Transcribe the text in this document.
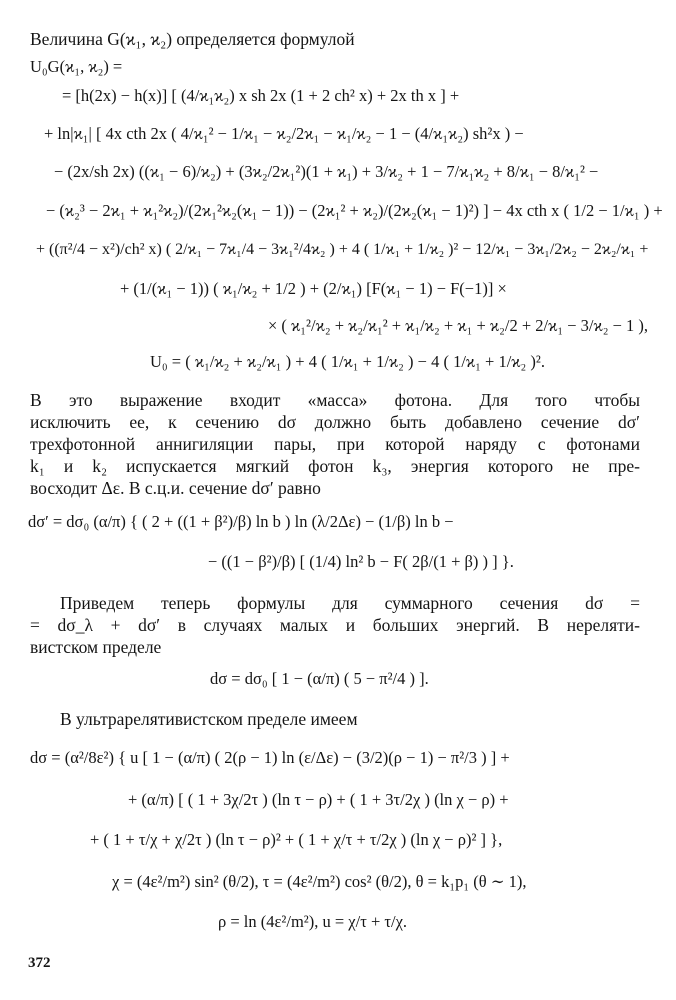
Величина G(ϰ₁, ϰ₂) определяется формулой
U₀G(ϰ₁, ϰ₂) =
= [h(2x) − h(x)] [ (4/ϰ₁ϰ₂) x sh 2x (1 + 2 ch² x) + 2x th x ] +
+ ln|ϰ₁| [ 4x cth 2x ( 4/ϰ₁² − 1/ϰ₁ − ϰ₂/2ϰ₁ − ϰ₁/ϰ₂ − 1 − (4/ϰ₁ϰ₂) sh²x ) −
− (2x/sh 2x) ((ϰ₁ − 6)/ϰ₂) + (3ϰ₂/2ϰ₁²)(1 + ϰ₁) + 3/ϰ₂ + 1 − 7/ϰ₁ϰ₂ + 8/ϰ₁ − 8/ϰ₁² −
− (ϰ₂³ − 2ϰ₁ + ϰ₁²ϰ₂)/(2ϰ₁²ϰ₂(ϰ₁ − 1)) − (2ϰ₁² + ϰ₂)/(2ϰ₂(ϰ₁ − 1)²) ] − 4x cth x ( 1/2 − 1/ϰ₁ ) +
+ ((π²/4 − x²)/ch² x) ( 2/ϰ₁ − 7ϰ₁/4 − 3ϰ₁²/4ϰ₂ ) + 4 ( 1/ϰ₁ + 1/ϰ₂ )² − 12/ϰ₁ − 3ϰ₁/2ϰ₂ − 2ϰ₂/ϰ₁ +
+ (1/(ϰ₁ − 1)) ( ϰ₁/ϰ₂ + 1/2 ) + (2/ϰ₁) [F(ϰ₁ − 1) − F(−1)] ×
× ( ϰ₁²/ϰ₂ + ϰ₂/ϰ₁² + ϰ₁/ϰ₂ + ϰ₁ + ϰ₂/2 + 2/ϰ₁ − 3/ϰ₂ − 1 ),
U₀ = ( ϰ₁/ϰ₂ + ϰ₂/ϰ₁ ) + 4 ( 1/ϰ₁ + 1/ϰ₂ ) − 4 ( 1/ϰ₁ + 1/ϰ₂ )².
В это выражение входит «масса» фотона. Для того чтобы
исключить ее, к сечению dσ должно быть добавлено сечение dσ′
трехфотонной аннигиляции пары, при которой наряду с фотонами
k₁ и k₂ испускается мягкий фотон k₃, энергия которого не пре-
восходит Δε. В с.ц.и. сечение dσ′ равно
dσ′ = dσ₀ (α/π) { ( 2 + ((1 + β²)/β) ln b ) ln (λ/2Δε) − (1/β) ln b −
− ((1 − β²)/β) [ (1/4) ln² b − F( 2β/(1 + β) ) ] }.
Приведем теперь формулы для суммарного сечения dσ =
= dσ_λ + dσ′ в случаях малых и больших энергий. В нереляти-
вистском пределе
dσ = dσ₀ [ 1 − (α/π) ( 5 − π²/4 ) ].
В ультрарелятивистском пределе имеем
dσ = (α²/8ε²) { u [ 1 − (α/π) ( 2(ρ − 1) ln (ε/Δε) − (3/2)(ρ − 1) − π²/3 ) ] +
+ (α/π) [ ( 1 + 3χ/2τ ) (ln τ − ρ) + ( 1 + 3τ/2χ ) (ln χ − ρ) +
+ ( 1 + τ/χ + χ/2τ ) (ln τ − ρ)² + ( 1 + χ/τ + τ/2χ ) (ln χ − ρ)² ] },
χ = (4ε²/m²) sin² (θ/2), τ = (4ε²/m²) cos² (θ/2), θ = k₁p₁ (θ ∼ 1),
ρ = ln (4ε²/m²), u = χ/τ + τ/χ.
372
